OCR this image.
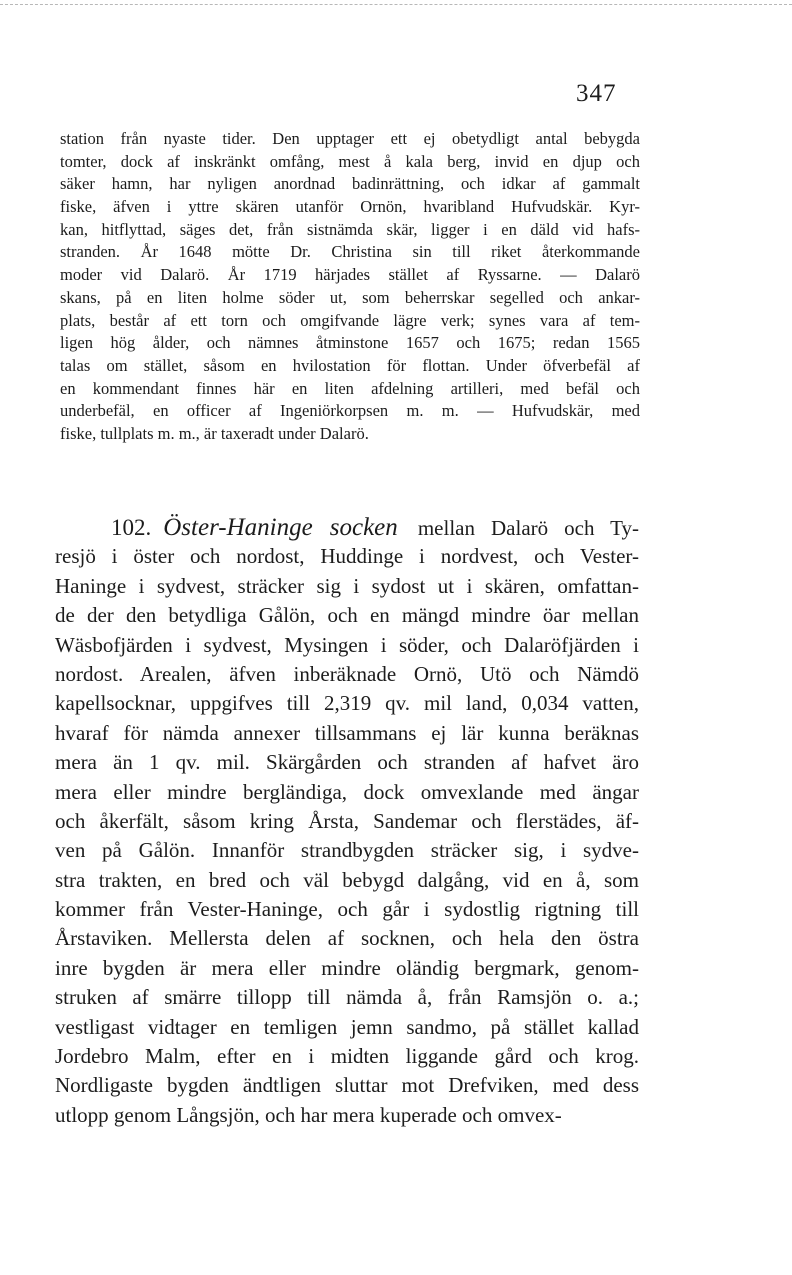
347
station från nyaste tider. Den upptager ett ej obetydligt antal bebygda
tomter, dock af inskränkt omfång, mest å kala berg, invid en djup och
säker hamn, har nyligen anordnad badinrättning, och idkar af gammalt
fiske, äfven i yttre skären utanför Ornön, hvaribland Hufvudskär. Kyr-
kan, hitflyttad, säges det, från sistnämda skär, ligger i en däld vid hafs-
stranden. År 1648 mötte Dr. Christina sin till riket återkommande
moder vid Dalarö. År 1719 härjades stället af Ryssarne. — Dalarö
skans, på en liten holme söder ut, som beherrskar segelled och ankar-
plats, består af ett torn och omgifvande lägre verk; synes vara af tem-
ligen hög ålder, och nämnes åtminstone 1657 och 1675; redan 1565
talas om stället, såsom en hvilostation för flottan. Under öfverbefäl af
en kommendant finnes här en liten afdelning artilleri, med befäl och
underbefäl, en officer af Ingeniörkorpsen m. m. — Hufvudskär, med
fiske, tullplats m. m., är taxeradt under Dalarö.
102. Öster-Haninge socken mellan Dalarö och Ty-
resjö i öster och nordost, Huddinge i nordvest, och Vester-
Haninge i sydvest, sträcker sig i sydost ut i skären, omfattan-
de der den betydliga Gålön, och en mängd mindre öar mellan
Wäsbofjärden i sydvest, Mysingen i söder, och Dalaröfjärden i
nordost. Arealen, äfven inberäknade Ornö, Utö och Nämdö
kapellsocknar, uppgifves till 2,319 qv. mil land, 0,034 vatten,
hvaraf för nämda annexer tillsammans ej lär kunna beräknas
mera än 1 qv. mil. Skärgården och stranden af hafvet äro
mera eller mindre bergländiga, dock omvexlande med ängar
och åkerfält, såsom kring Årsta, Sandemar och flerstädes, äf-
ven på Gålön. Innanför strandbygden sträcker sig, i sydve-
stra trakten, en bred och väl bebygd dalgång, vid en å, som
kommer från Vester-Haninge, och går i sydostlig rigtning till
Årstaviken. Mellersta delen af socknen, och hela den östra
inre bygden är mera eller mindre oländig bergmark, genom-
struken af smärre tillopp till nämda å, från Ramsjön o. a.;
vestligast vidtager en temligen jemn sandmo, på stället kallad
Jordebro Malm, efter en i midten liggande gård och krog.
Nordligaste bygden ändtligen sluttar mot Drefviken, med dess
utlopp genom Långsjön, och har mera kuperade och omvex-
